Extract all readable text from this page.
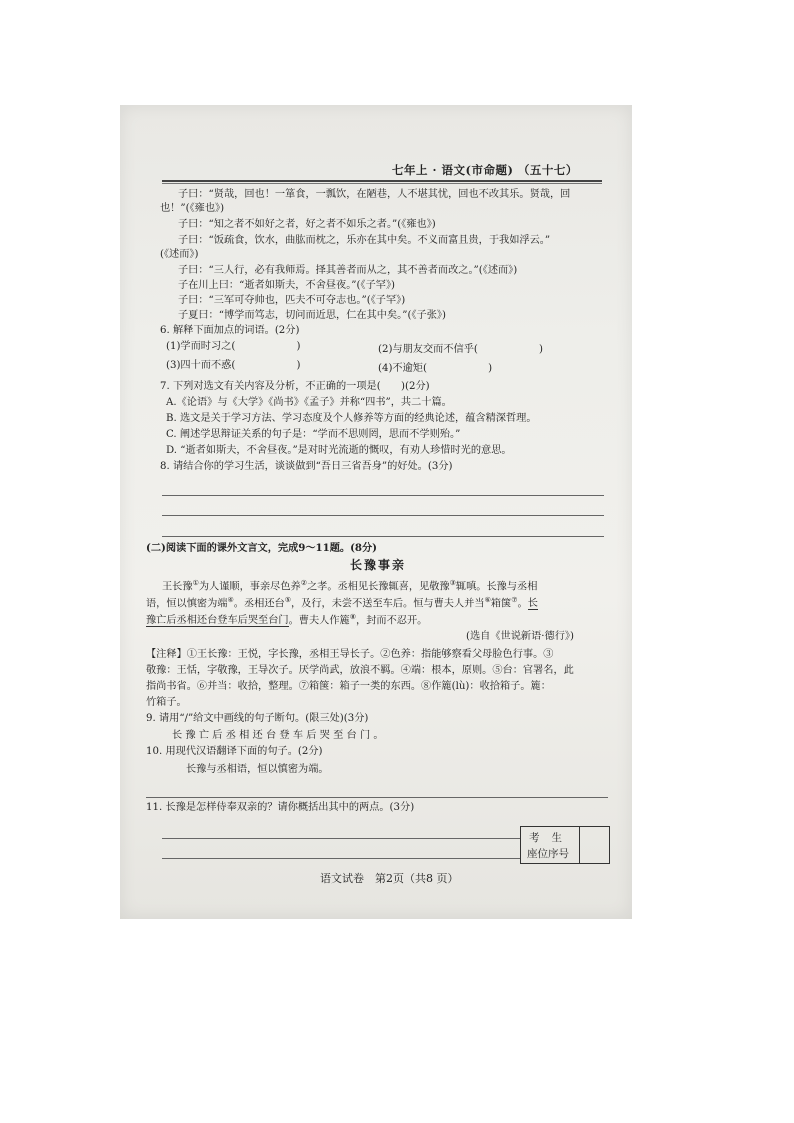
七年上 · 语文(市命题) （五十七）
子曰：“贤哉，回也！一箪食，一瓢饮，在陋巷，人不堪其忧，回也不改其乐。贤哉，回
也！”(《雍也》)
子曰：“知之者不如好之者，好之者不如乐之者。”(《雍也》)
子曰：“饭疏食，饮水，曲肱而枕之，乐亦在其中矣。不义而富且贵，于我如浮云。”
(《述而》)
子曰：“三人行，必有我师焉。择其善者而从之，其不善者而改之。”(《述而》)
子在川上曰：“逝者如斯夫，不舍昼夜。”(《子罕》)
子曰：“三军可夺帅也，匹夫不可夺志也。”(《子罕》)
子夏曰：“博学而笃志，切问而近思，仁在其中矣。”(《子张》)
6. 解释下面加点的词语。(2分)
(1)学而时习之(　　　　　　)	(2)与朋友交而不信乎(　　　　　　)
(3)四十而不惑(　　　　　　)	(4)不逾矩(　　　　　　)
7. 下列对选文有关内容及分析，不正确的一项是(　　)(2分)
A.《论语》与《大学》《尚书》《孟子》并称“四书”，共二十篇。
B. 选文是关于学习方法、学习态度及个人修养等方面的经典论述，蕴含精深哲理。
C. 阐述学思辩证关系的句子是：“学而不思则罔，思而不学则殆。”
D. “逝者如斯夫，不舍昼夜。”是对时光流逝的慨叹，有劝人珍惜时光的意思。
8. 请结合你的学习生活，谈谈做到“吾日三省吾身”的好处。(3分)
(二)阅读下面的课外文言文，完成9～11题。(8分)
长豫事亲
王长豫①为人谨顺，事亲尽色养②之孝。丞相见长豫辄喜，见敬豫③辄嗔。长豫与丞相
语，恒以慎密为端④。丞相还台⑤，及行，未尝不送至车后。恒与曹夫人并当⑥箱箧⑦。长
豫亡后丞相还台登车后哭至台门。曹夫人作簏⑧，封而不忍开。
(选自《世说新语·德行》)
【注释】①王长豫：王悦，字长豫，丞相王导长子。②色养：指能够察看父母脸色行事。③
敬豫：王恬，字敬豫，王导次子。厌学尚武，放浪不羁。④端：根本，原则。⑤台：官署名，此
指尚书省。⑥并当：收拾，整理。⑦箱箧：箱子一类的东西。⑧作簏(lù)：收拾箱子。簏：
竹箱子。
9. 请用“/”给文中画线的句子断句。(限三处)(3分)
长 豫 亡 后 丞 相 还 台 登 车 后 哭 至 台 门 。
10. 用现代汉语翻译下面的句子。(2分)
长豫与丞相语，恒以慎密为端。
11. 长豫是怎样侍奉双亲的？请你概括出其中的两点。(3分)
考生
座位序号
语文试卷　第2页（共8 页）
